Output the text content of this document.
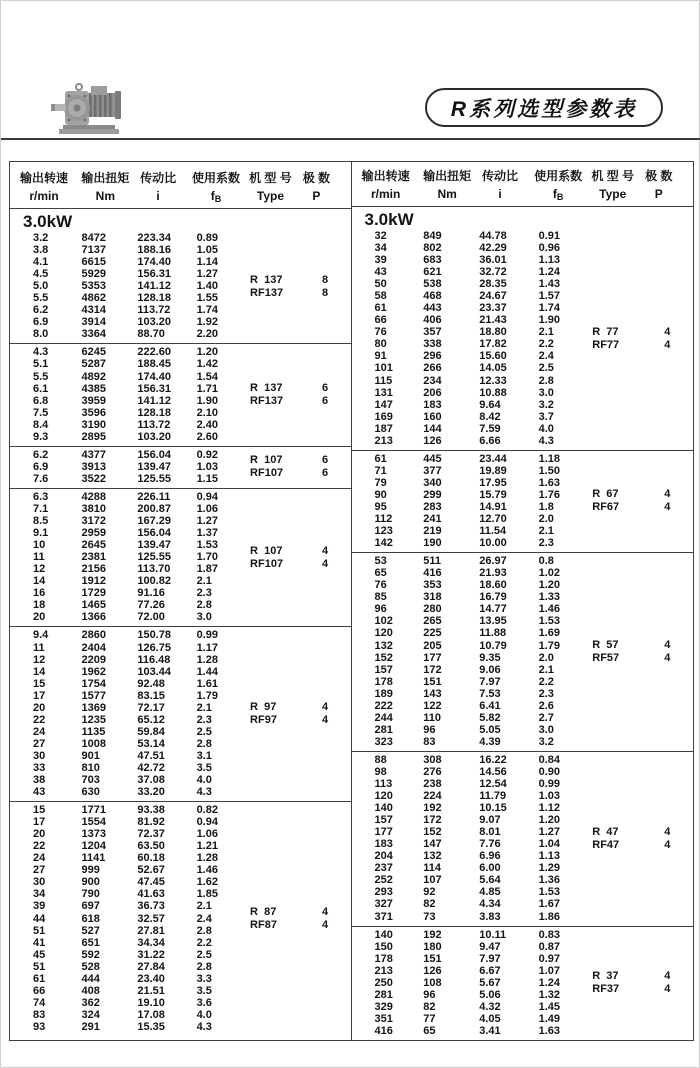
R系列选型参数表
输出转速
r/min
输出扭矩
Nm
传动比
i
使用系数
fB
机 型 号
Type
极 数
P
3.0kW
3.2	8472	223.34	0.89
3.8	7137	188.16	1.05
4.1	6615	174.40	1.14
4.5	5929	156.31	1.27
5.0	5353	141.12	1.40
5.5	4862	128.18	1.55
6.2	4314	113.72	1.74
6.9	3914	103.20	1.92
8.0	3364	88.70	2.20
R  137	8
RF137	8
4.3	6245	222.60	1.20
5.1	5287	188.45	1.42
5.5	4892	174.40	1.54
6.1	4385	156.31	1.71
6.8	3959	141.12	1.90
7.5	3596	128.18	2.10
8.4	3190	113.72	2.40
9.3	2895	103.20	2.60
R  137	6
RF137	6
6.2	4377	156.04	0.92
6.9	3913	139.47	1.03
7.6	3522	125.55	1.15
R  107	6
RF107	6
6.3	4288	226.11	0.94
7.1	3810	200.87	1.06
8.5	3172	167.29	1.27
9.1	2959	156.04	1.37
10	2645	139.47	1.53
11	2381	125.55	1.70
12	2156	113.70	1.87
14	1912	100.82	2.1
16	1729	91.16	2.3
18	1465	77.26	2.8
20	1366	72.00	3.0
R  107	4
RF107	4
9.4	2860	150.78	0.99
11	2404	126.75	1.17
12	2209	116.48	1.28
14	1962	103.44	1.44
15	1754	92.48	1.61
17	1577	83.15	1.79
20	1369	72.17	2.1
22	1235	65.12	2.3
24	1135	59.84	2.5
27	1008	53.14	2.8
30	901	47.51	3.1
33	810	42.72	3.5
38	703	37.08	4.0
43	630	33.20	4.3
R  97	4
RF97	4
15	1771	93.38	0.82
17	1554	81.92	0.94
20	1373	72.37	1.06
22	1204	63.50	1.21
24	1141	60.18	1.28
27	999	52.67	1.46
30	900	47.45	1.62
34	790	41.63	1.85
39	697	36.73	2.1
44	618	32.57	2.4
51	527	27.81	2.8
41	651	34.34	2.2
45	592	31.22	2.5
51	528	27.84	2.8
61	444	23.40	3.3
66	408	21.51	3.5
74	362	19.10	3.6
83	324	17.08	4.0
93	291	15.35	4.3
R  87	4
RF87	4
输出转速
r/min
输出扭矩
Nm
传动比
i
使用系数
fB
机 型 号
Type
极 数
P
3.0kW
32	849	44.78	0.91
34	802	42.29	0.96
39	683	36.01	1.13
43	621	32.72	1.24
50	538	28.35	1.43
58	468	24.67	1.57
61	443	23.37	1.74
66	406	21.43	1.90
76	357	18.80	2.1
80	338	17.82	2.2
91	296	15.60	2.4
101	266	14.05	2.5
115	234	12.33	2.8
131	206	10.88	3.0
147	183	9.64	3.2
169	160	8.42	3.7
187	144	7.59	4.0
213	126	6.66	4.3
R  77	4
RF77	4
61	445	23.44	1.18
71	377	19.89	1.50
79	340	17.95	1.63
90	299	15.79	1.76
95	283	14.91	1.8
112	241	12.70	2.0
123	219	11.54	2.1
142	190	10.00	2.3
R  67	4
RF67	4
53	511	26.97	0.8
65	416	21.93	1.02
76	353	18.60	1.20
85	318	16.79	1.33
96	280	14.77	1.46
102	265	13.95	1.53
120	225	11.88	1.69
132	205	10.79	1.79
152	177	9.35	2.0
157	172	9.06	2.1
178	151	7.97	2.2
189	143	7.53	2.3
222	122	6.41	2.6
244	110	5.82	2.7
281	96	5.05	3.0
323	83	4.39	3.2
R  57	4
RF57	4
88	308	16.22	0.84
98	276	14.56	0.90
113	238	12.54	0.99
120	224	11.79	1.03
140	192	10.15	1.12
157	172	9.07	1.20
177	152	8.01	1.27
183	147	7.76	1.04
204	132	6.96	1.13
237	114	6.00	1.29
252	107	5.64	1.36
293	92	4.85	1.53
327	82	4.34	1.67
371	73	3.83	1.86
R  47	4
RF47	4
140	192	10.11	0.83
150	180	9.47	0.87
178	151	7.97	0.97
213	126	6.67	1.07
250	108	5.67	1.24
281	96	5.06	1.32
329	82	4.32	1.45
351	77	4.05	1.49
416	65	3.41	1.63
R  37	4
RF37	4
